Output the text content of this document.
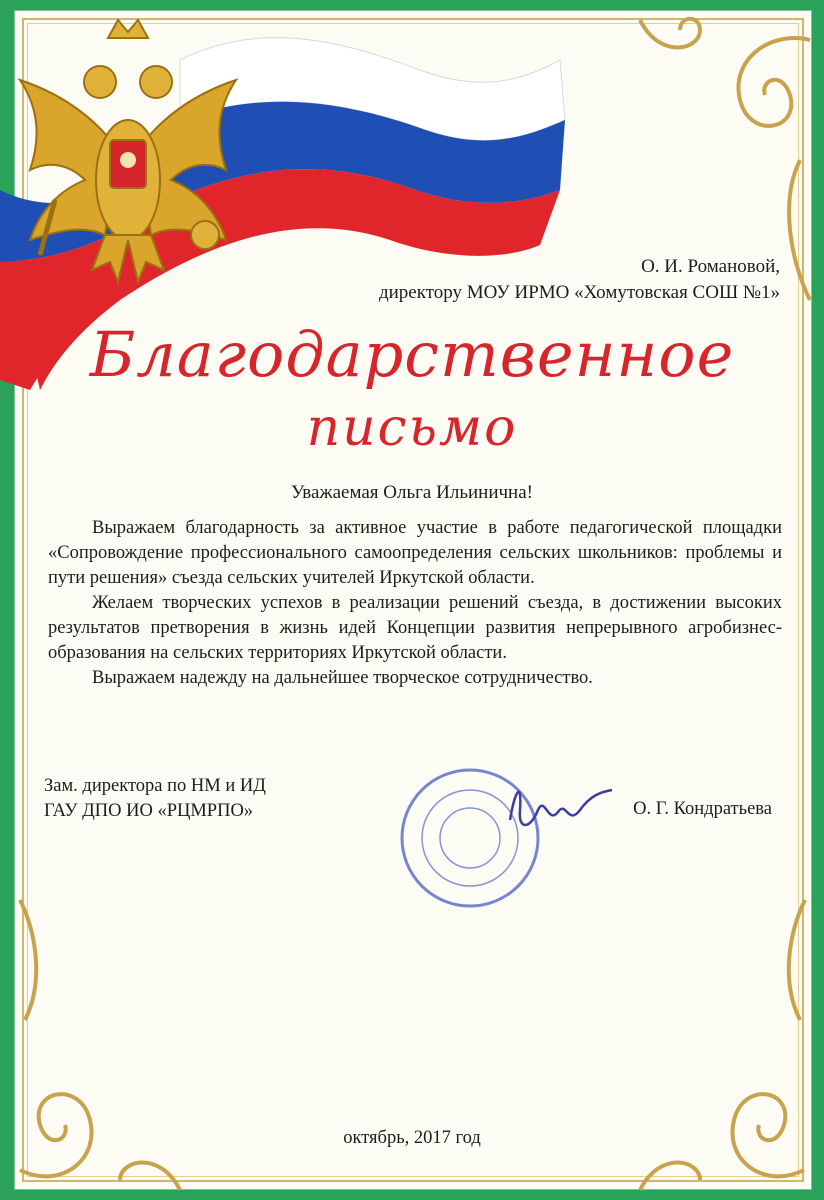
О. И. Романовой,
директору МОУ ИРМО «Хомутовская СОШ №1»
Благодарственное
письмо
Уважаемая Ольга Ильинична!

Выражаем благодарность за активное участие в работе педагогической площадки «Сопровождение профессионального самоопределения сельских школьников: проблемы и пути решения» съезда сельских учителей Иркутской области.

Желаем творческих успехов в реализации решений съезда, в достижении высоких результатов претворения в жизнь идей Концепции развития непрерывного агробизнес-образования на сельских территориях Иркутской области.

Выражаем надежду на дальнейшее творческое сотрудничество.

Зам. директора по НМ и ИД
ГАУ ДПО ИО «РЦМРПО»	О. Г. Кондратьева
октябрь, 2017 год
